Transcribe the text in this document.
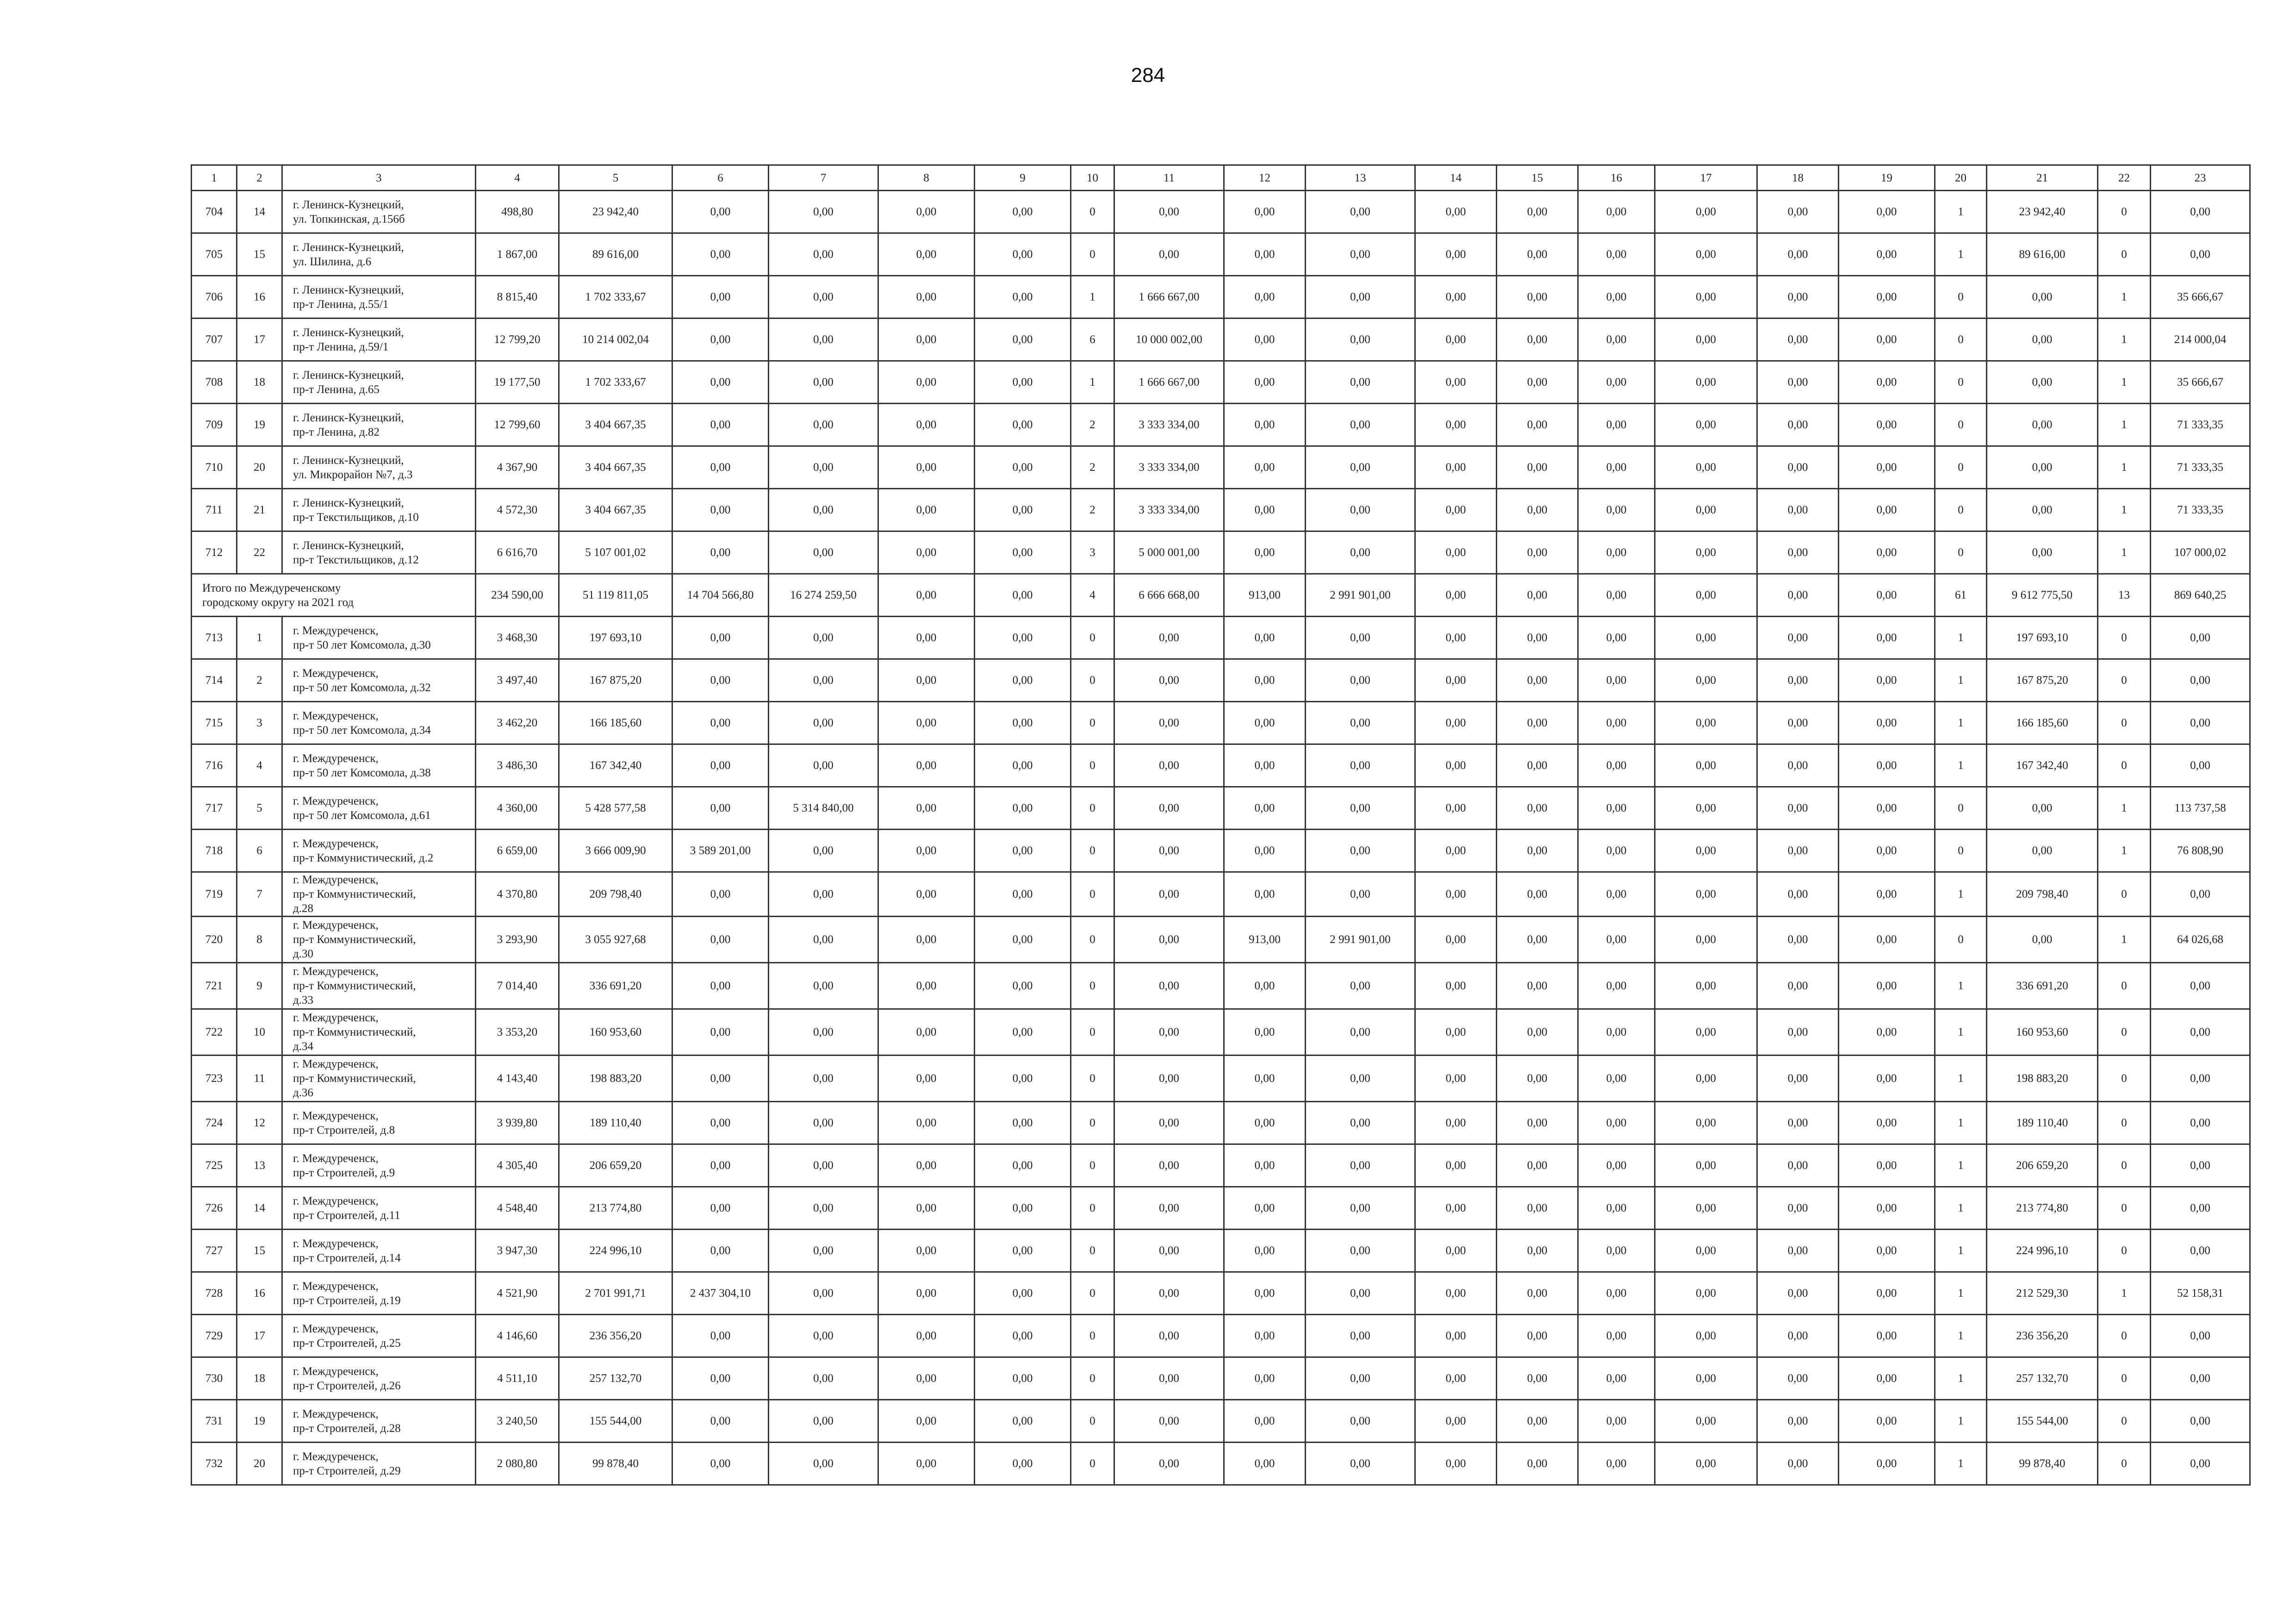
284
1	2	3	4	5	6	7	8	9	10	11	12	13	14	15	16	17	18	19	20	21	22	23
704	14	г. Ленинск-Кузнецкий,
ул. Топкинская, д.156б	498,80	23 942,40	0,00	0,00	0,00	0,00	0	0,00	0,00	0,00	0,00	0,00	0,00	0,00	0,00	0,00	1	23 942,40	0	0,00
705	15	г. Ленинск-Кузнецкий,
ул. Шилина, д.6	1 867,00	89 616,00	0,00	0,00	0,00	0,00	0	0,00	0,00	0,00	0,00	0,00	0,00	0,00	0,00	0,00	1	89 616,00	0	0,00
706	16	г. Ленинск-Кузнецкий,
пр-т Ленина, д.55/1	8 815,40	1 702 333,67	0,00	0,00	0,00	0,00	1	1 666 667,00	0,00	0,00	0,00	0,00	0,00	0,00	0,00	0,00	0	0,00	1	35 666,67
707	17	г. Ленинск-Кузнецкий,
пр-т Ленина, д.59/1	12 799,20	10 214 002,04	0,00	0,00	0,00	0,00	6	10 000 002,00	0,00	0,00	0,00	0,00	0,00	0,00	0,00	0,00	0	0,00	1	214 000,04
708	18	г. Ленинск-Кузнецкий,
пр-т Ленина, д.65	19 177,50	1 702 333,67	0,00	0,00	0,00	0,00	1	1 666 667,00	0,00	0,00	0,00	0,00	0,00	0,00	0,00	0,00	0	0,00	1	35 666,67
709	19	г. Ленинск-Кузнецкий,
пр-т Ленина, д.82	12 799,60	3 404 667,35	0,00	0,00	0,00	0,00	2	3 333 334,00	0,00	0,00	0,00	0,00	0,00	0,00	0,00	0,00	0	0,00	1	71 333,35
710	20	г. Ленинск-Кузнецкий,
ул. Микрорайон №7, д.3	4 367,90	3 404 667,35	0,00	0,00	0,00	0,00	2	3 333 334,00	0,00	0,00	0,00	0,00	0,00	0,00	0,00	0,00	0	0,00	1	71 333,35
711	21	г. Ленинск-Кузнецкий,
пр-т Текстильщиков, д.10	4 572,30	3 404 667,35	0,00	0,00	0,00	0,00	2	3 333 334,00	0,00	0,00	0,00	0,00	0,00	0,00	0,00	0,00	0	0,00	1	71 333,35
712	22	г. Ленинск-Кузнецкий,
пр-т Текстильщиков, д.12	6 616,70	5 107 001,02	0,00	0,00	0,00	0,00	3	5 000 001,00	0,00	0,00	0,00	0,00	0,00	0,00	0,00	0,00	0	0,00	1	107 000,02

Итого по Междуреченскому
городскому округу на 2021 год			234 590,00	51 119 811,05	14 704 566,80	16 274 259,50	0,00	0,00	4	6 666 668,00	913,00	2 991 901,00	0,00	0,00	0,00	0,00	0,00	0,00	61	9 612 775,50	13	869 640,25
713	1	г. Междуреченск,
пр-т 50 лет Комсомола, д.30	3 468,30	197 693,10	0,00	0,00	0,00	0,00	0	0,00	0,00	0,00	0,00	0,00	0,00	0,00	0,00	0,00	1	197 693,10	0	0,00
714	2	г. Междуреченск,
пр-т 50 лет Комсомола, д.32	3 497,40	167 875,20	0,00	0,00	0,00	0,00	0	0,00	0,00	0,00	0,00	0,00	0,00	0,00	0,00	0,00	1	167 875,20	0	0,00
715	3	г. Междуреченск,
пр-т 50 лет Комсомола, д.34	3 462,20	166 185,60	0,00	0,00	0,00	0,00	0	0,00	0,00	0,00	0,00	0,00	0,00	0,00	0,00	0,00	1	166 185,60	0	0,00
716	4	г. Междуреченск,
пр-т 50 лет Комсомола, д.38	3 486,30	167 342,40	0,00	0,00	0,00	0,00	0	0,00	0,00	0,00	0,00	0,00	0,00	0,00	0,00	0,00	1	167 342,40	0	0,00
717	5	г. Междуреченск,
пр-т 50 лет Комсомола, д.61	4 360,00	5 428 577,58	0,00	5 314 840,00	0,00	0,00	0	0,00	0,00	0,00	0,00	0,00	0,00	0,00	0,00	0,00	0	0,00	1	113 737,58
718	6	г. Междуреченск,
пр-т Коммунистический, д.2	6 659,00	3 666 009,90	3 589 201,00	0,00	0,00	0,00	0	0,00	0,00	0,00	0,00	0,00	0,00	0,00	0,00	0,00	0	0,00	1	76 808,90
719	7	г. Междуреченск,
пр-т Коммунистический,
д.28	4 370,80	209 798,40	0,00	0,00	0,00	0,00	0	0,00	0,00	0,00	0,00	0,00	0,00	0,00	0,00	0,00	1	209 798,40	0	0,00
720	8	г. Междуреченск,
пр-т Коммунистический,
д.30	3 293,90	3 055 927,68	0,00	0,00	0,00	0,00	0	0,00	913,00	2 991 901,00	0,00	0,00	0,00	0,00	0,00	0,00	0	0,00	1	64 026,68
721	9	г. Междуреченск,
пр-т Коммунистический,
д.33	7 014,40	336 691,20	0,00	0,00	0,00	0,00	0	0,00	0,00	0,00	0,00	0,00	0,00	0,00	0,00	0,00	1	336 691,20	0	0,00
722	10	г. Междуреченск,
пр-т Коммунистический,
д.34	3 353,20	160 953,60	0,00	0,00	0,00	0,00	0	0,00	0,00	0,00	0,00	0,00	0,00	0,00	0,00	0,00	1	160 953,60	0	0,00
723	11	г. Междуреченск,
пр-т Коммунистический,
д.36	4 143,40	198 883,20	0,00	0,00	0,00	0,00	0	0,00	0,00	0,00	0,00	0,00	0,00	0,00	0,00	0,00	1	198 883,20	0	0,00
724	12	г. Междуреченск,
пр-т Строителей, д.8	3 939,80	189 110,40	0,00	0,00	0,00	0,00	0	0,00	0,00	0,00	0,00	0,00	0,00	0,00	0,00	0,00	1	189 110,40	0	0,00
725	13	г. Междуреченск,
пр-т Строителей, д.9	4 305,40	206 659,20	0,00	0,00	0,00	0,00	0	0,00	0,00	0,00	0,00	0,00	0,00	0,00	0,00	0,00	1	206 659,20	0	0,00
726	14	г. Междуреченск,
пр-т Строителей, д.11	4 548,40	213 774,80	0,00	0,00	0,00	0,00	0	0,00	0,00	0,00	0,00	0,00	0,00	0,00	0,00	0,00	1	213 774,80	0	0,00
727	15	г. Междуреченск,
пр-т Строителей, д.14	3 947,30	224 996,10	0,00	0,00	0,00	0,00	0	0,00	0,00	0,00	0,00	0,00	0,00	0,00	0,00	0,00	1	224 996,10	0	0,00
728	16	г. Междуреченск,
пр-т Строителей, д.19	4 521,90	2 701 991,71	2 437 304,10	0,00	0,00	0,00	0	0,00	0,00	0,00	0,00	0,00	0,00	0,00	0,00	0,00	1	212 529,30	1	52 158,31
729	17	г. Междуреченск,
пр-т Строителей, д.25	4 146,60	236 356,20	0,00	0,00	0,00	0,00	0	0,00	0,00	0,00	0,00	0,00	0,00	0,00	0,00	0,00	1	236 356,20	0	0,00
730	18	г. Междуреченск,
пр-т Строителей, д.26	4 511,10	257 132,70	0,00	0,00	0,00	0,00	0	0,00	0,00	0,00	0,00	0,00	0,00	0,00	0,00	0,00	1	257 132,70	0	0,00
731	19	г. Междуреченск,
пр-т Строителей, д.28	3 240,50	155 544,00	0,00	0,00	0,00	0,00	0	0,00	0,00	0,00	0,00	0,00	0,00	0,00	0,00	0,00	1	155 544,00	0	0,00
732	20	г. Междуреченск,
пр-т Строителей, д.29	2 080,80	99 878,40	0,00	0,00	0,00	0,00	0	0,00	0,00	0,00	0,00	0,00	0,00	0,00	0,00	0,00	1	99 878,40	0	0,00
